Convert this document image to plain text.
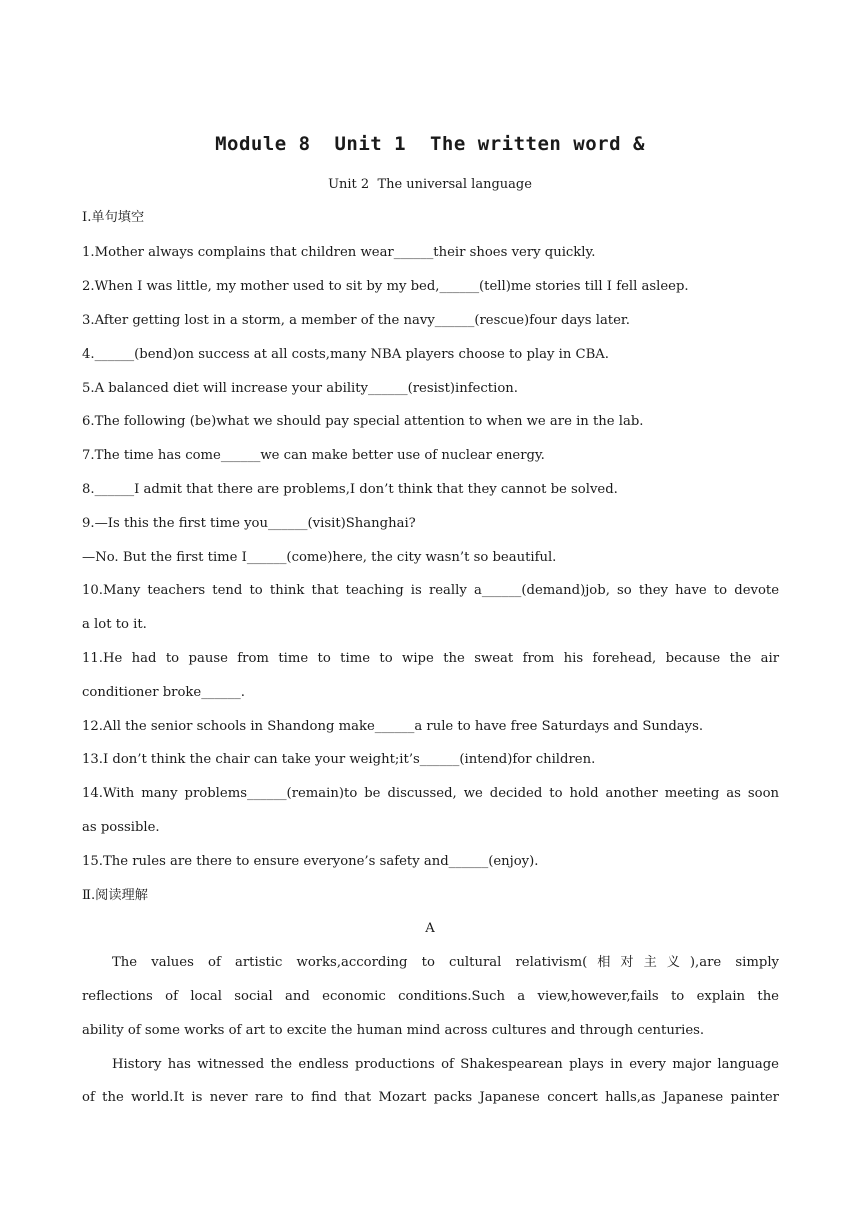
Module 8  Unit 1  The written word &
Unit 2  The universal language
Ⅰ.单句填空
1.Mother always complains that children wear______their shoes very quickly.
2.When I was little, my mother used to sit by my bed,______(tell)me stories till I fell asleep.
3.After getting lost in a storm, a member of the navy______(rescue)four days later.
4.______(bend)on success at all costs,many NBA players choose to play in CBA.
5.A balanced diet will increase your ability______(resist)infection.
6.The following (be)what we should pay special attention to when we are in the lab.
7.The time has come______we can make better use of nuclear energy.
8.______I admit that there are problems,I don’t think that they cannot be solved.
9.—Is this the first time you______(visit)Shanghai?
—No. But the first time I______(come)here, the city wasn’t so beautiful.
10.Many teachers tend to think that teaching is really a______(demand)job, so they have to devote
a lot to it.
11.He had to pause from time to time to wipe the sweat from his forehead, because the air
conditioner broke______.
12.All the senior schools in Shandong make______a rule to have free Saturdays and Sundays.
13.I don’t think the chair can take your weight;it’s______(intend)for children.
14.With many problems______(remain)to be discussed, we decided to hold another meeting as soon
as possible.
15.The rules are there to ensure everyone’s safety and______(enjoy).
Ⅱ.阅读理解
A
The values of artistic works,according to cultural relativism(相对主义),are simply
reflections of local social and economic conditions.Such a view,however,fails to explain the
ability of some works of art to excite the human mind across cultures and through centuries.
History has witnessed the endless productions of Shakespearean plays in every major language
of the world.It is never rare to find that Mozart packs Japanese concert halls,as Japanese painter
